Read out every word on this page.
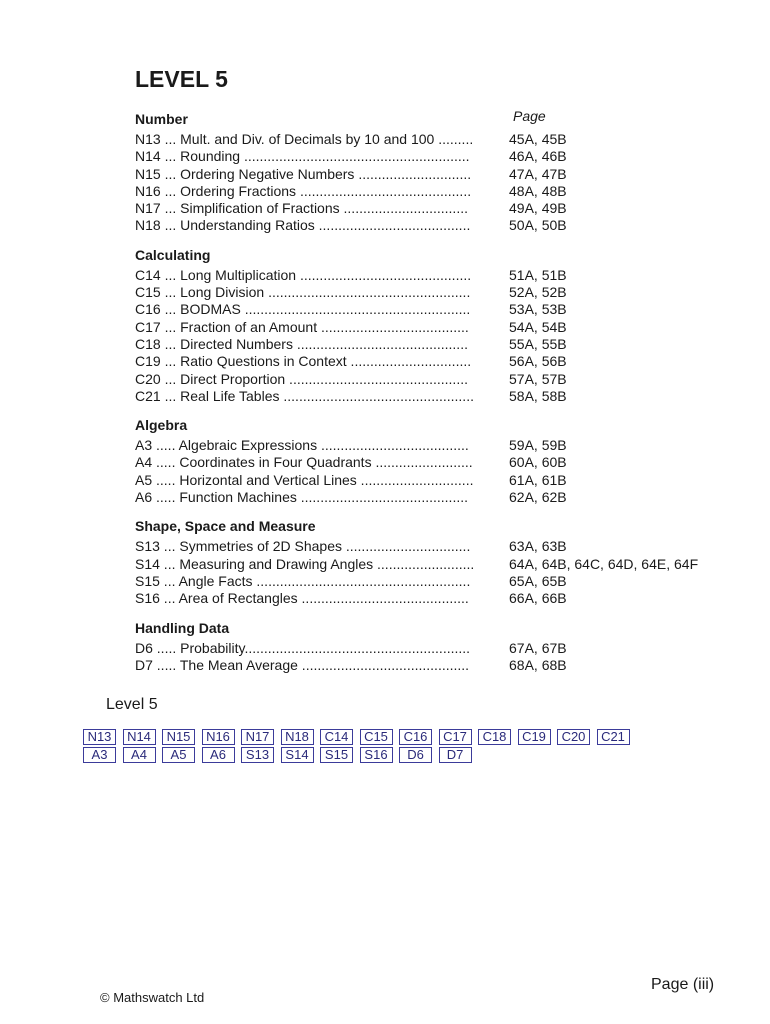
LEVEL 5
Page
Number
N13 ... Mult. and Div. of Decimals by 10 and 100 .........	45A, 45B
N14 ... Rounding ..........................................................	46A, 46B
N15 ... Ordering Negative Numbers .............................	47A, 47B
N16 ... Ordering Fractions ............................................	48A, 48B
N17 ... Simplification of Fractions ................................	49A, 49B
N18 ... Understanding Ratios .......................................	50A, 50B
Calculating
C14 ... Long Multiplication ............................................	51A, 51B
C15 ... Long Division ....................................................	52A, 52B
C16 ... BODMAS ..........................................................	53A, 53B
C17 ... Fraction of an Amount ......................................	54A, 54B
C18 ... Directed Numbers ............................................	55A, 55B
C19 ... Ratio Questions in Context ...............................	56A, 56B
C20 ... Direct Proportion ..............................................	57A, 57B
C21 ... Real Life Tables .................................................	58A, 58B
Algebra
A3 ..... Algebraic Expressions ......................................	59A, 59B
A4 ..... Coordinates in Four Quadrants .........................	60A, 60B
A5 ..... Horizontal and Vertical Lines .............................	61A, 61B
A6 ..... Function Machines ...........................................	62A, 62B
Shape, Space and Measure
S13 ... Symmetries of 2D Shapes ................................	63A, 63B
S14 ... Measuring and Drawing Angles ......................... 64A, 64B, 64C, 64D, 64E, 64F
S15 ... Angle Facts .......................................................	65A, 65B
S16 ... Area of Rectangles ...........................................	66A, 66B
Handling Data
D6 ..... Probability..........................................................	67A, 67B
D7 ..... The Mean Average ...........................................	68A, 68B
Level 5
N13 N14 N15 N16 N17 N18 C14 C15 C16 C17 C18 C19 C20 C21
A3 A4 A5 A6 S13 S14 S15 S16 D6 D7
Page (iii)
© Mathswatch Ltd
